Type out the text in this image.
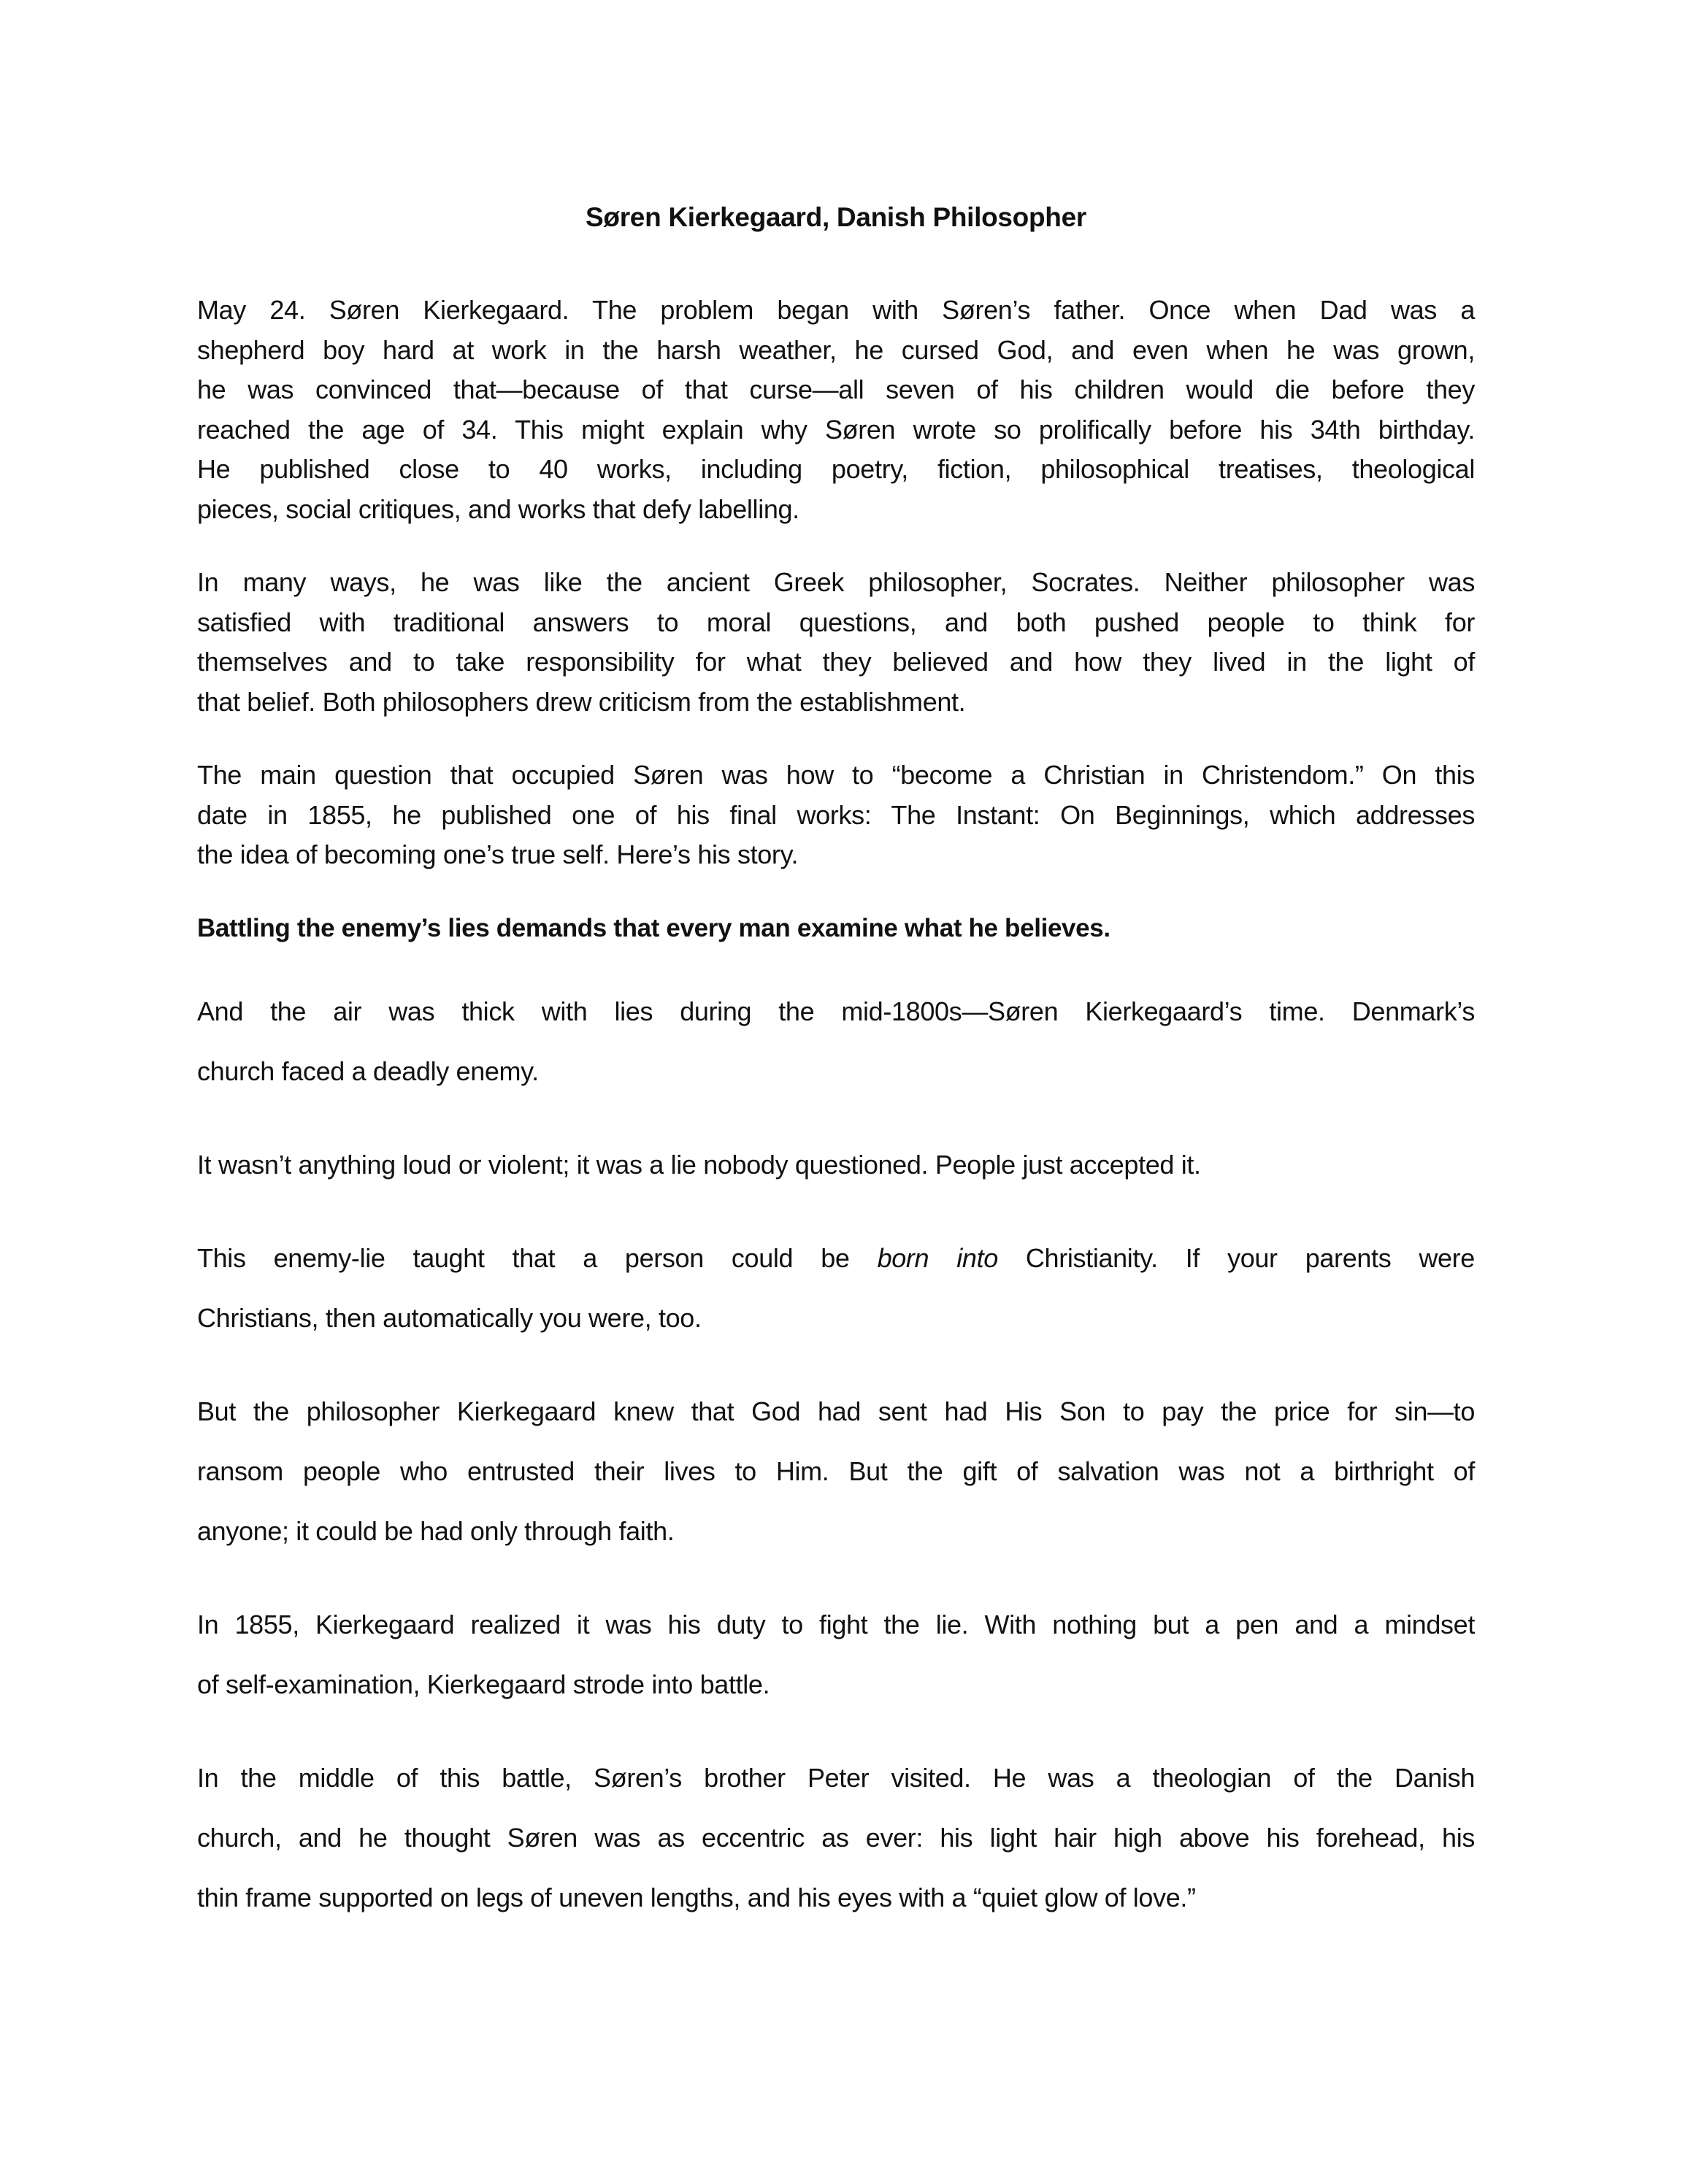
Søren Kierkegaard, Danish Philosopher
May 24. Søren Kierkegaard. The problem began with Søren’s father. Once when Dad was a
shepherd boy hard at work in the harsh weather, he cursed God, and even when he was grown,
he was convinced that—because of that curse—all seven of his children would die before they
reached the age of 34. This might explain why Søren wrote so prolifically before his 34th birthday.
He published close to 40 works, including poetry, fiction, philosophical treatises, theological
pieces, social critiques, and works that defy labelling.
In many ways, he was like the ancient Greek philosopher, Socrates. Neither philosopher was
satisfied with traditional answers to moral questions, and both pushed people to think for
themselves and to take responsibility for what they believed and how they lived in the light of
that belief. Both philosophers drew criticism from the establishment.
The main question that occupied Søren was how to “become a Christian in Christendom.” On this
date in 1855, he published one of his final works: The Instant: On Beginnings, which addresses
the idea of becoming one’s true self. Here’s his story.
Battling the enemy’s lies demands that every man examine what he believes.
And the air was thick with lies during the mid-1800s—Søren Kierkegaard’s time. Denmark’s
church faced a deadly enemy.
It wasn’t anything loud or violent; it was a lie nobody questioned. People just accepted it.
This enemy-lie taught that a person could be born into Christianity. If your parents were
Christians, then automatically you were, too.
But the philosopher Kierkegaard knew that God had sent had His Son to pay the price for sin—to
ransom people who entrusted their lives to Him. But the gift of salvation was not a birthright of
anyone; it could be had only through faith.
In 1855, Kierkegaard realized it was his duty to fight the lie. With nothing but a pen and a mindset
of self-examination, Kierkegaard strode into battle.
In the middle of this battle, Søren’s brother Peter visited. He was a theologian of the Danish
church, and he thought Søren was as eccentric as ever: his light hair high above his forehead, his
thin frame supported on legs of uneven lengths, and his eyes with a “quiet glow of love.”
